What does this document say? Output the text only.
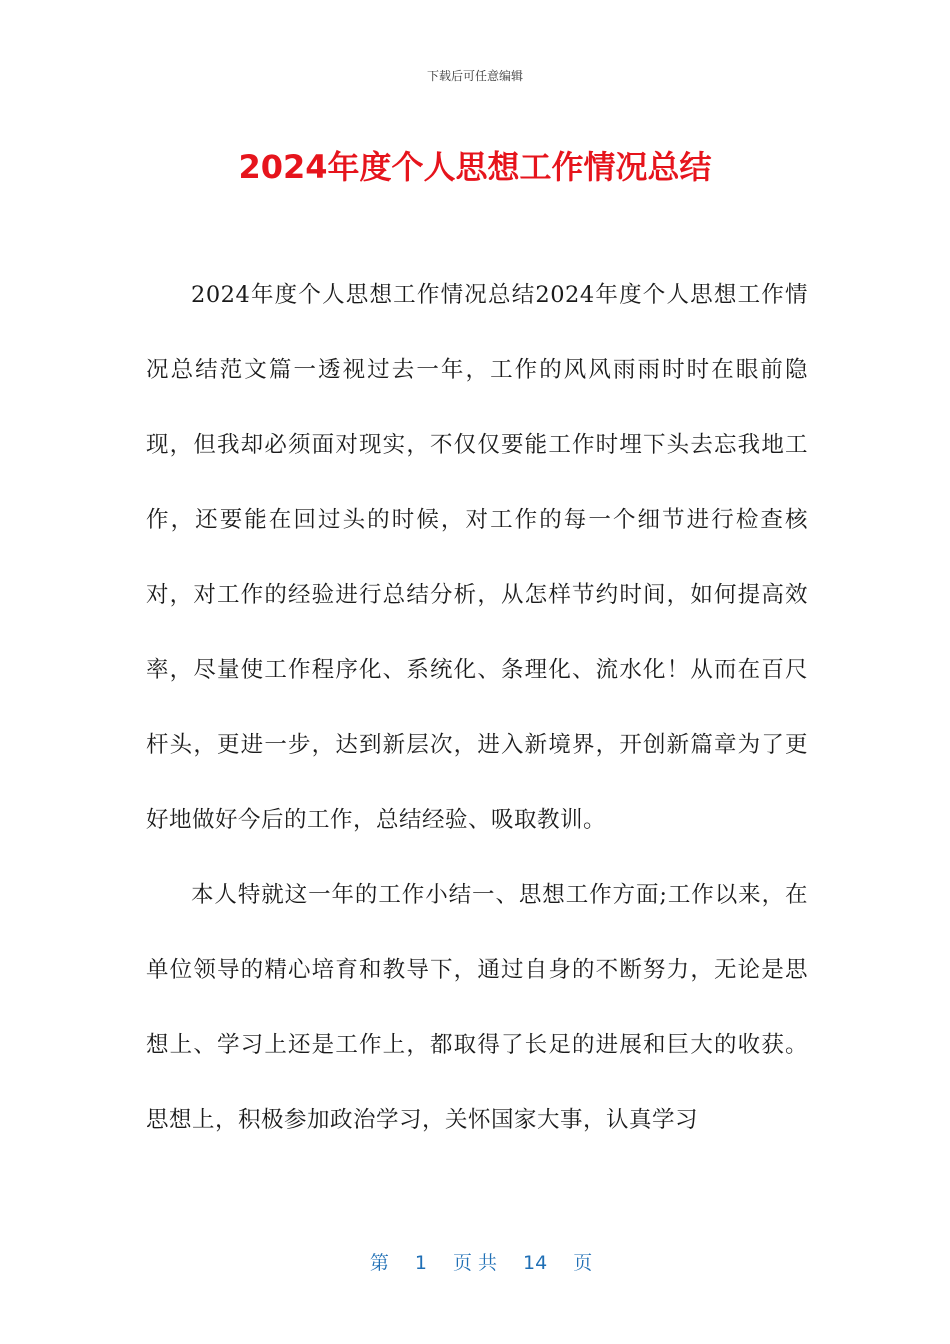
下载后可任意编辑
2024年度个人思想工作情况总结

2024年度个人思想工作情况总结2024年度个人思想工作情况总结范文篇一透视过去一年，工作的风风雨雨时时在眼前隐现，但我却必须面对现实，不仅仅要能工作时埋下头去忘我地工作，还要能在回过头的时候，对工作的每一个细节进行检查核对，对工作的经验进行总结分析，从怎样节约时间，如何提高效率，尽量使工作程序化、系统化、条理化、流水化！从而在百尺杆头，更进一步，达到新层次，进入新境界，开创新篇章为了更好地做好今后的工作，总结经验、吸取教训。

本人特就这一年的工作小结一、思想工作方面;工作以来，在单位领导的精心培育和教导下，通过自身的不断努力，无论是思想上、学习上还是工作上，都取得了长足的进展和巨大的收获。思想上，积极参加政治学习，关怀国家大事，认真学习

第 1 页 共 14 页
